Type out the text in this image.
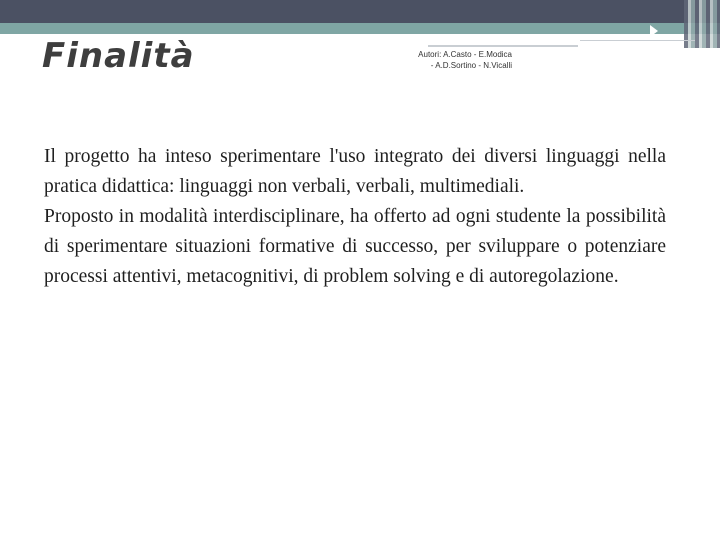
Finalità	Autori: A.Casto - E.Modica - A.D.Sortino - N.Vicalli

Il progetto ha inteso sperimentare l'uso integrato dei diversi linguaggi nella pratica didattica: linguaggi non verbali, verbali, multimediali.

Proposto in modalità interdisciplinare, ha offerto ad ogni studente la possibilità di sperimentare situazioni formative di successo, per sviluppare o potenziare processi attentivi, metacognitivi, di problem solving e di autoregolazione.
